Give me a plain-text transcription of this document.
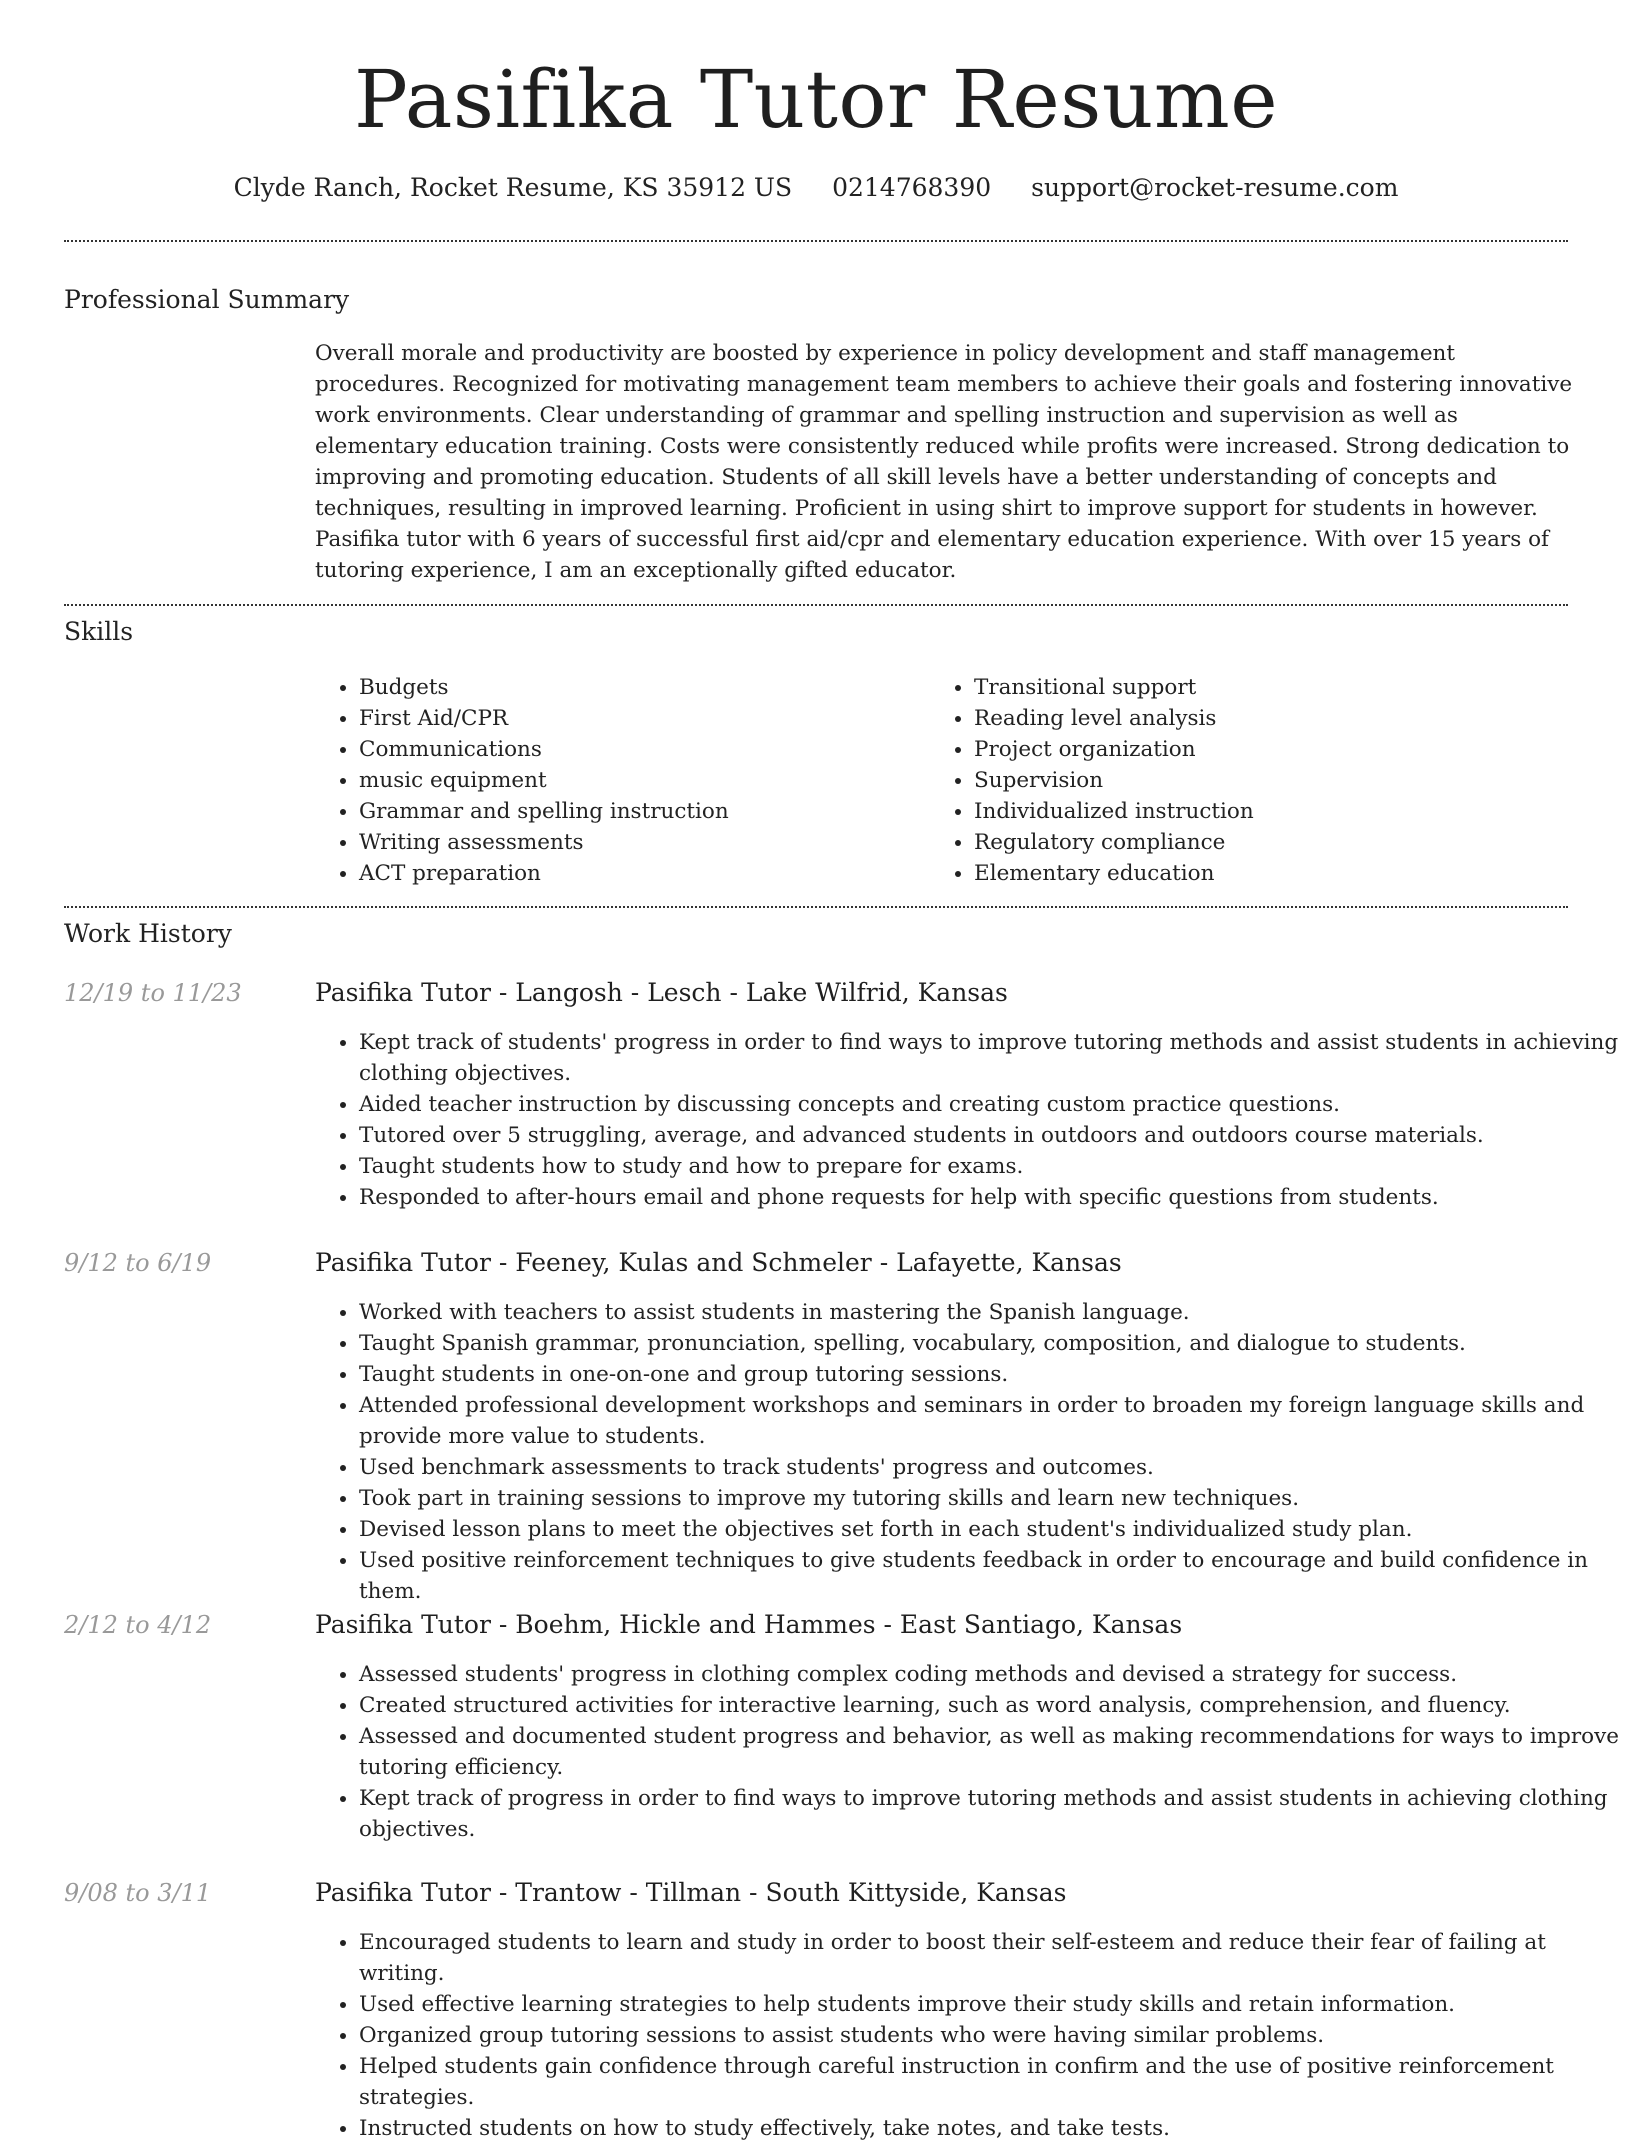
Pasifika Tutor Resume
Clyde Ranch, Rocket Resume, KS 35912 US 0214768390 support@rocket-resume.com
Professional Summary

Overall morale and productivity are boosted by experience in policy development and staff management procedures. Recognized for motivating management team members to achieve their goals and fostering innovative work environments. Clear understanding of grammar and spelling instruction and supervision as well as elementary education training. Costs were consistently reduced while profits were increased. Strong dedication to improving and promoting education. Students of all skill levels have a better understanding of concepts and techniques, resulting in improved learning. Proficient in using shirt to improve support for students in however. Pasifika tutor with 6 years of successful first aid/cpr and elementary education experience. With over 15 years of tutoring experience, I am an exceptionally gifted educator.

Skills
• Budgets
• First Aid/CPR
• Communications
• music equipment
• Grammar and spelling instruction
• Writing assessments
• ACT preparation
• Transitional support
• Reading level analysis
• Project organization
• Supervision
• Individualized instruction
• Regulatory compliance
• Elementary education
Work History
12/19 to 11/23	Pasifika Tutor - Langosh - Lesch - Lake Wilfrid, Kansas
• Kept track of students' progress in order to find ways to improve tutoring methods and assist students in achieving clothing objectives.
• Aided teacher instruction by discussing concepts and creating custom practice questions.
• Tutored over 5 struggling, average, and advanced students in outdoors and outdoors course materials.
• Taught students how to study and how to prepare for exams.
• Responded to after-hours email and phone requests for help with specific questions from students.
9/12 to 6/19	Pasifika Tutor - Feeney, Kulas and Schmeler - Lafayette, Kansas
• Worked with teachers to assist students in mastering the Spanish language.
• Taught Spanish grammar, pronunciation, spelling, vocabulary, composition, and dialogue to students.
• Taught students in one-on-one and group tutoring sessions.
• Attended professional development workshops and seminars in order to broaden my foreign language skills and provide more value to students.
• Used benchmark assessments to track students' progress and outcomes.
• Took part in training sessions to improve my tutoring skills and learn new techniques.
• Devised lesson plans to meet the objectives set forth in each student's individualized study plan.
• Used positive reinforcement techniques to give students feedback in order to encourage and build confidence in them.
2/12 to 4/12	Pasifika Tutor - Boehm, Hickle and Hammes - East Santiago, Kansas
• Assessed students' progress in clothing complex coding methods and devised a strategy for success.
• Created structured activities for interactive learning, such as word analysis, comprehension, and fluency.
• Assessed and documented student progress and behavior, as well as making recommendations for ways to improve tutoring efficiency.
• Kept track of progress in order to find ways to improve tutoring methods and assist students in achieving clothing objectives.
9/08 to 3/11	Pasifika Tutor - Trantow - Tillman - South Kittyside, Kansas
• Encouraged students to learn and study in order to boost their self-esteem and reduce their fear of failing at writing.
• Used effective learning strategies to help students improve their study skills and retain information.
• Organized group tutoring sessions to assist students who were having similar problems.
• Helped students gain confidence through careful instruction in confirm and the use of positive reinforcement strategies.
• Instructed students on how to study effectively, take notes, and take tests.
